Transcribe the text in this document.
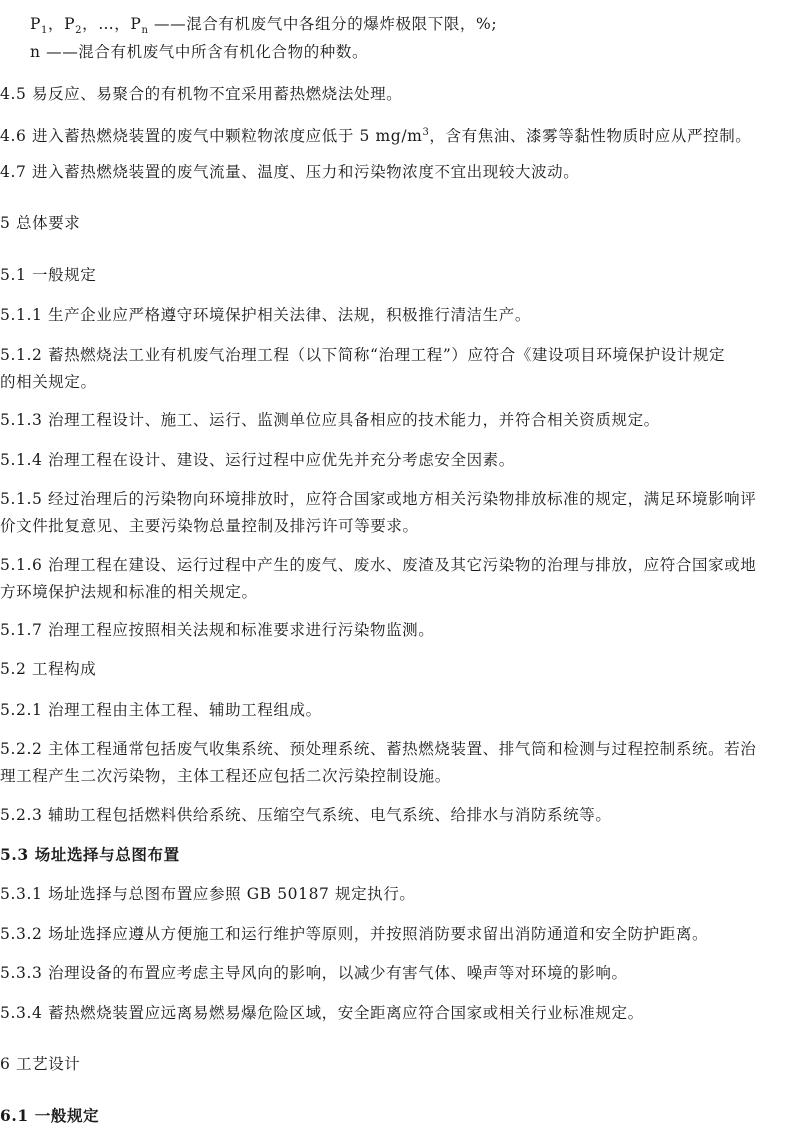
$P_1$，$P_2$，…，$P_n$ ——混合有机废气中各组分的爆炸极限下限，%;
n ——混合有机废气中所含有机化合物的种数。
4.5 易反应、易聚合的有机物不宜采用蓄热燃烧法处理。
4.6 进入蓄热燃烧装置的废气中颗粒物浓度应低于 5 $mg/m^3$，含有焦油、漆雾等黏性物质时应从严控制。
4.7 进入蓄热燃烧装置的废气流量、温度、压力和污染物浓度不宜出现较大波动。
5 总体要求
5.1 一般规定
5.1.1 生产企业应严格遵守环境保护相关法律、法规，积极推行清洁生产。
5.1.2 蓄热燃烧法工业有机废气治理工程（以下简称“治理工程”）应符合《建设项目环境保护设计规定
的相关规定。
5.1.3 治理工程设计、施工、运行、监测单位应具备相应的技术能力，并符合相关资质规定。
5.1.4 治理工程在设计、建设、运行过程中应优先并充分考虑安全因素。
5.1.5 经过治理后的污染物向环境排放时，应符合国家或地方相关污染物排放标准的规定，满足环境影响评
价文件批复意见、主要污染物总量控制及排污许可等要求。
5.1.6 治理工程在建设、运行过程中产生的废气、废水、废渣及其它污染物的治理与排放，应符合国家或地
方环境保护法规和标准的相关规定。
5.1.7 治理工程应按照相关法规和标准要求进行污染物监测。
5.2 工程构成
5.2.1 治理工程由主体工程、辅助工程组成。
5.2.2 主体工程通常包括废气收集系统、预处理系统、蓄热燃烧装置、排气筒和检测与过程控制系统。若治
理工程产生二次污染物，主体工程还应包括二次污染控制设施。
5.2.3 辅助工程包括燃料供给系统、压缩空气系统、电气系统、给排水与消防系统等。
5.3 场址选择与总图布置
5.3.1 场址选择与总图布置应参照 GB 50187 规定执行。
5.3.2 场址选择应遵从方便施工和运行维护等原则，并按照消防要求留出消防通道和安全防护距离。
5.3.3 治理设备的布置应考虑主导风向的影响，以减少有害气体、噪声等对环境的影响。
5.3.4 蓄热燃烧装置应远离易燃易爆危险区域，安全距离应符合国家或相关行业标准规定。
6 工艺设计
6.1 一般规定
